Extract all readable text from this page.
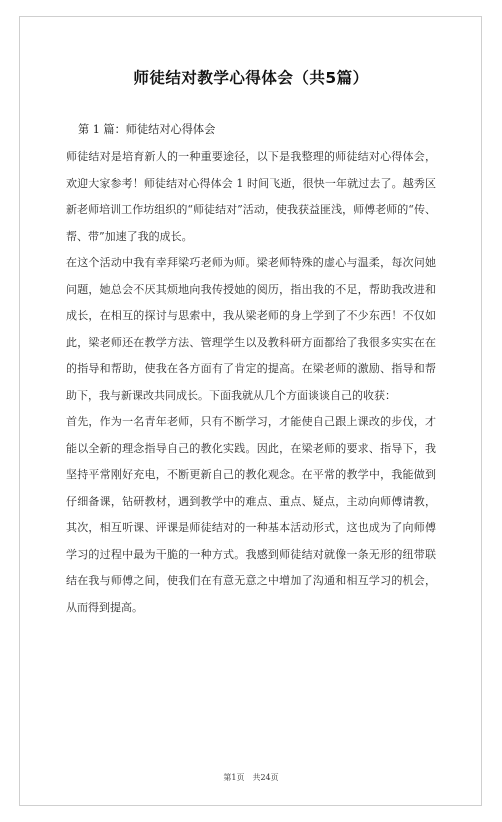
师徒结对教学心得体会（共5篇）
第 1 篇：师徒结对心得体会

师徒结对是培育新人的一种重要途径，以下是我整理的师徒结对心得体会，欢迎大家参考！师徒结对心得体会 1 时间飞逝，很快一年就过去了。越秀区新老师培训工作坊组织的“师徒结对”活动，使我获益匪浅，师傅老师的“传、帮、带”加速了我的成长。

在这个活动中我有幸拜梁巧老师为师。梁老师特殊的虚心与温柔，每次问她问题，她总会不厌其烦地向我传授她的阅历，指出我的不足，帮助我改进和成长，在相互的探讨与思索中，我从梁老师的身上学到了不少东西！不仅如此，梁老师还在教学方法、管理学生以及教科研方面都给了我很多实实在在的指导和帮助，使我在各方面有了肯定的提高。在梁老师的激励、指导和帮助下，我与新课改共同成长。下面我就从几个方面谈谈自己的收获：

首先，作为一名青年老师，只有不断学习，才能使自己跟上课改的步伐，才能以全新的理念指导自己的教化实践。因此，在梁老师的要求、指导下，我坚持平常刚好充电，不断更新自己的教化观念。在平常的教学中，我能做到仔细备课，钻研教材，遇到教学中的难点、重点、疑点，主动向师傅请教，其次，相互听课、评课是师徒结对的一种基本活动形式，这也成为了向师傅学习的过程中最为干脆的一种方式。我感到师徒结对就像一条无形的纽带联结在我与师傅之间，使我们在有意无意之中增加了沟通和相互学习的机会，从而得到提高。

第1页 共24页
